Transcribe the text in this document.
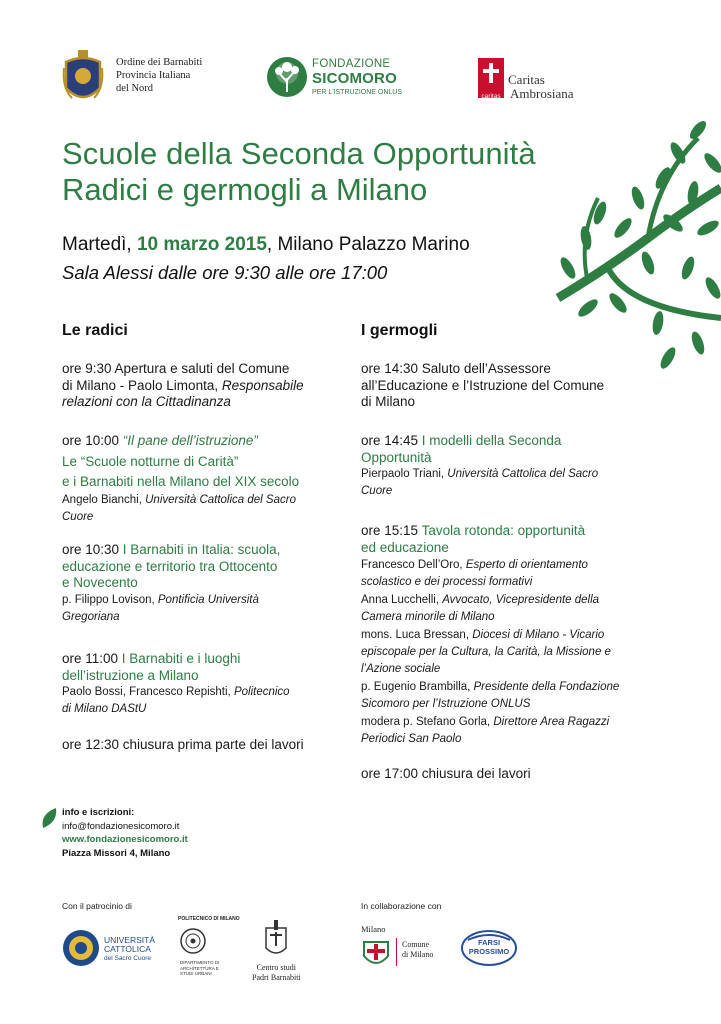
Ordine dei Barnabiti
Provincia Italiana
del Nord
FONDAZIONE
SICOMORO
PER L'ISTRUZIONE ONLUS
caritas
Caritas
Ambrosiana
Scuole della Seconda Opportunità
Radici e germogli a Milano
Martedì, 10 marzo 2015, Milano Palazzo Marino
Sala Alessi dalle ore 9:30 alle ore 17:00
Le radici
ore 9:30 Apertura e saluti del Comune
di Milano - Paolo Limonta, Responsabile
relazioni con la Cittadinanza
ore 10:00 “Il pane dell’istruzione”
Le “Scuole notturne di Carità”
e i Barnabiti nella Milano del XIX secolo
Angelo Bianchi, Università Cattolica del Sacro
Cuore
ore 10:30 I Barnabiti in Italia: scuola,
educazione e territorio tra Ottocento
e Novecento
p. Filippo Lovison, Pontificia Università
Gregoriana
ore 11:00 I Barnabiti e i luoghi
dell’istruzione a Milano
Paolo Bossi, Francesco Repishti, Politecnico
di Milano DAStU
ore 12:30 chiusura prima parte dei lavori
I germogli
ore 14:30 Saluto dell’Assessore
all’Educazione e l’Istruzione del Comune
di Milano
ore 14:45 I modelli della Seconda
Opportunità
Pierpaolo Triani, Università Cattolica del Sacro
Cuore
ore 15:15 Tavola rotonda: opportunità
ed educazione
Francesco Dell’Oro, Esperto di orientamento
scolastico e dei processi formativi
Anna Lucchelli, Avvocato, Vicepresidente della
Camera minorile di Milano
mons. Luca Bressan, Diocesi di Milano - Vicario
episcopale per la Cultura, la Carità, la Missione e
l’Azione sociale
p. Eugenio Brambilla, Presidente della Fondazione
Sicomoro per l’Istruzione ONLUS
modera p. Stefano Gorla, Direttore Area Ragazzi
Periodici San Paolo
ore 17:00 chiusura dei lavori
info e iscrizioni:
info@fondazionesicomoro.it
www.fondazionesicomoro.it
Piazza Missori 4, Milano
Con il patrocinio di	In collaborazione con
UNIVERSITÀ
CATTOLICA
del Sacro Cuore
POLITECNICO DI MILANO
DIPARTIMENTO DI
ARCHITETTURA E
STUDI URBANI
Centro studi
Padri Barnabiti
Milano
Comune
di Milano
FARSI
PROSSIMO
